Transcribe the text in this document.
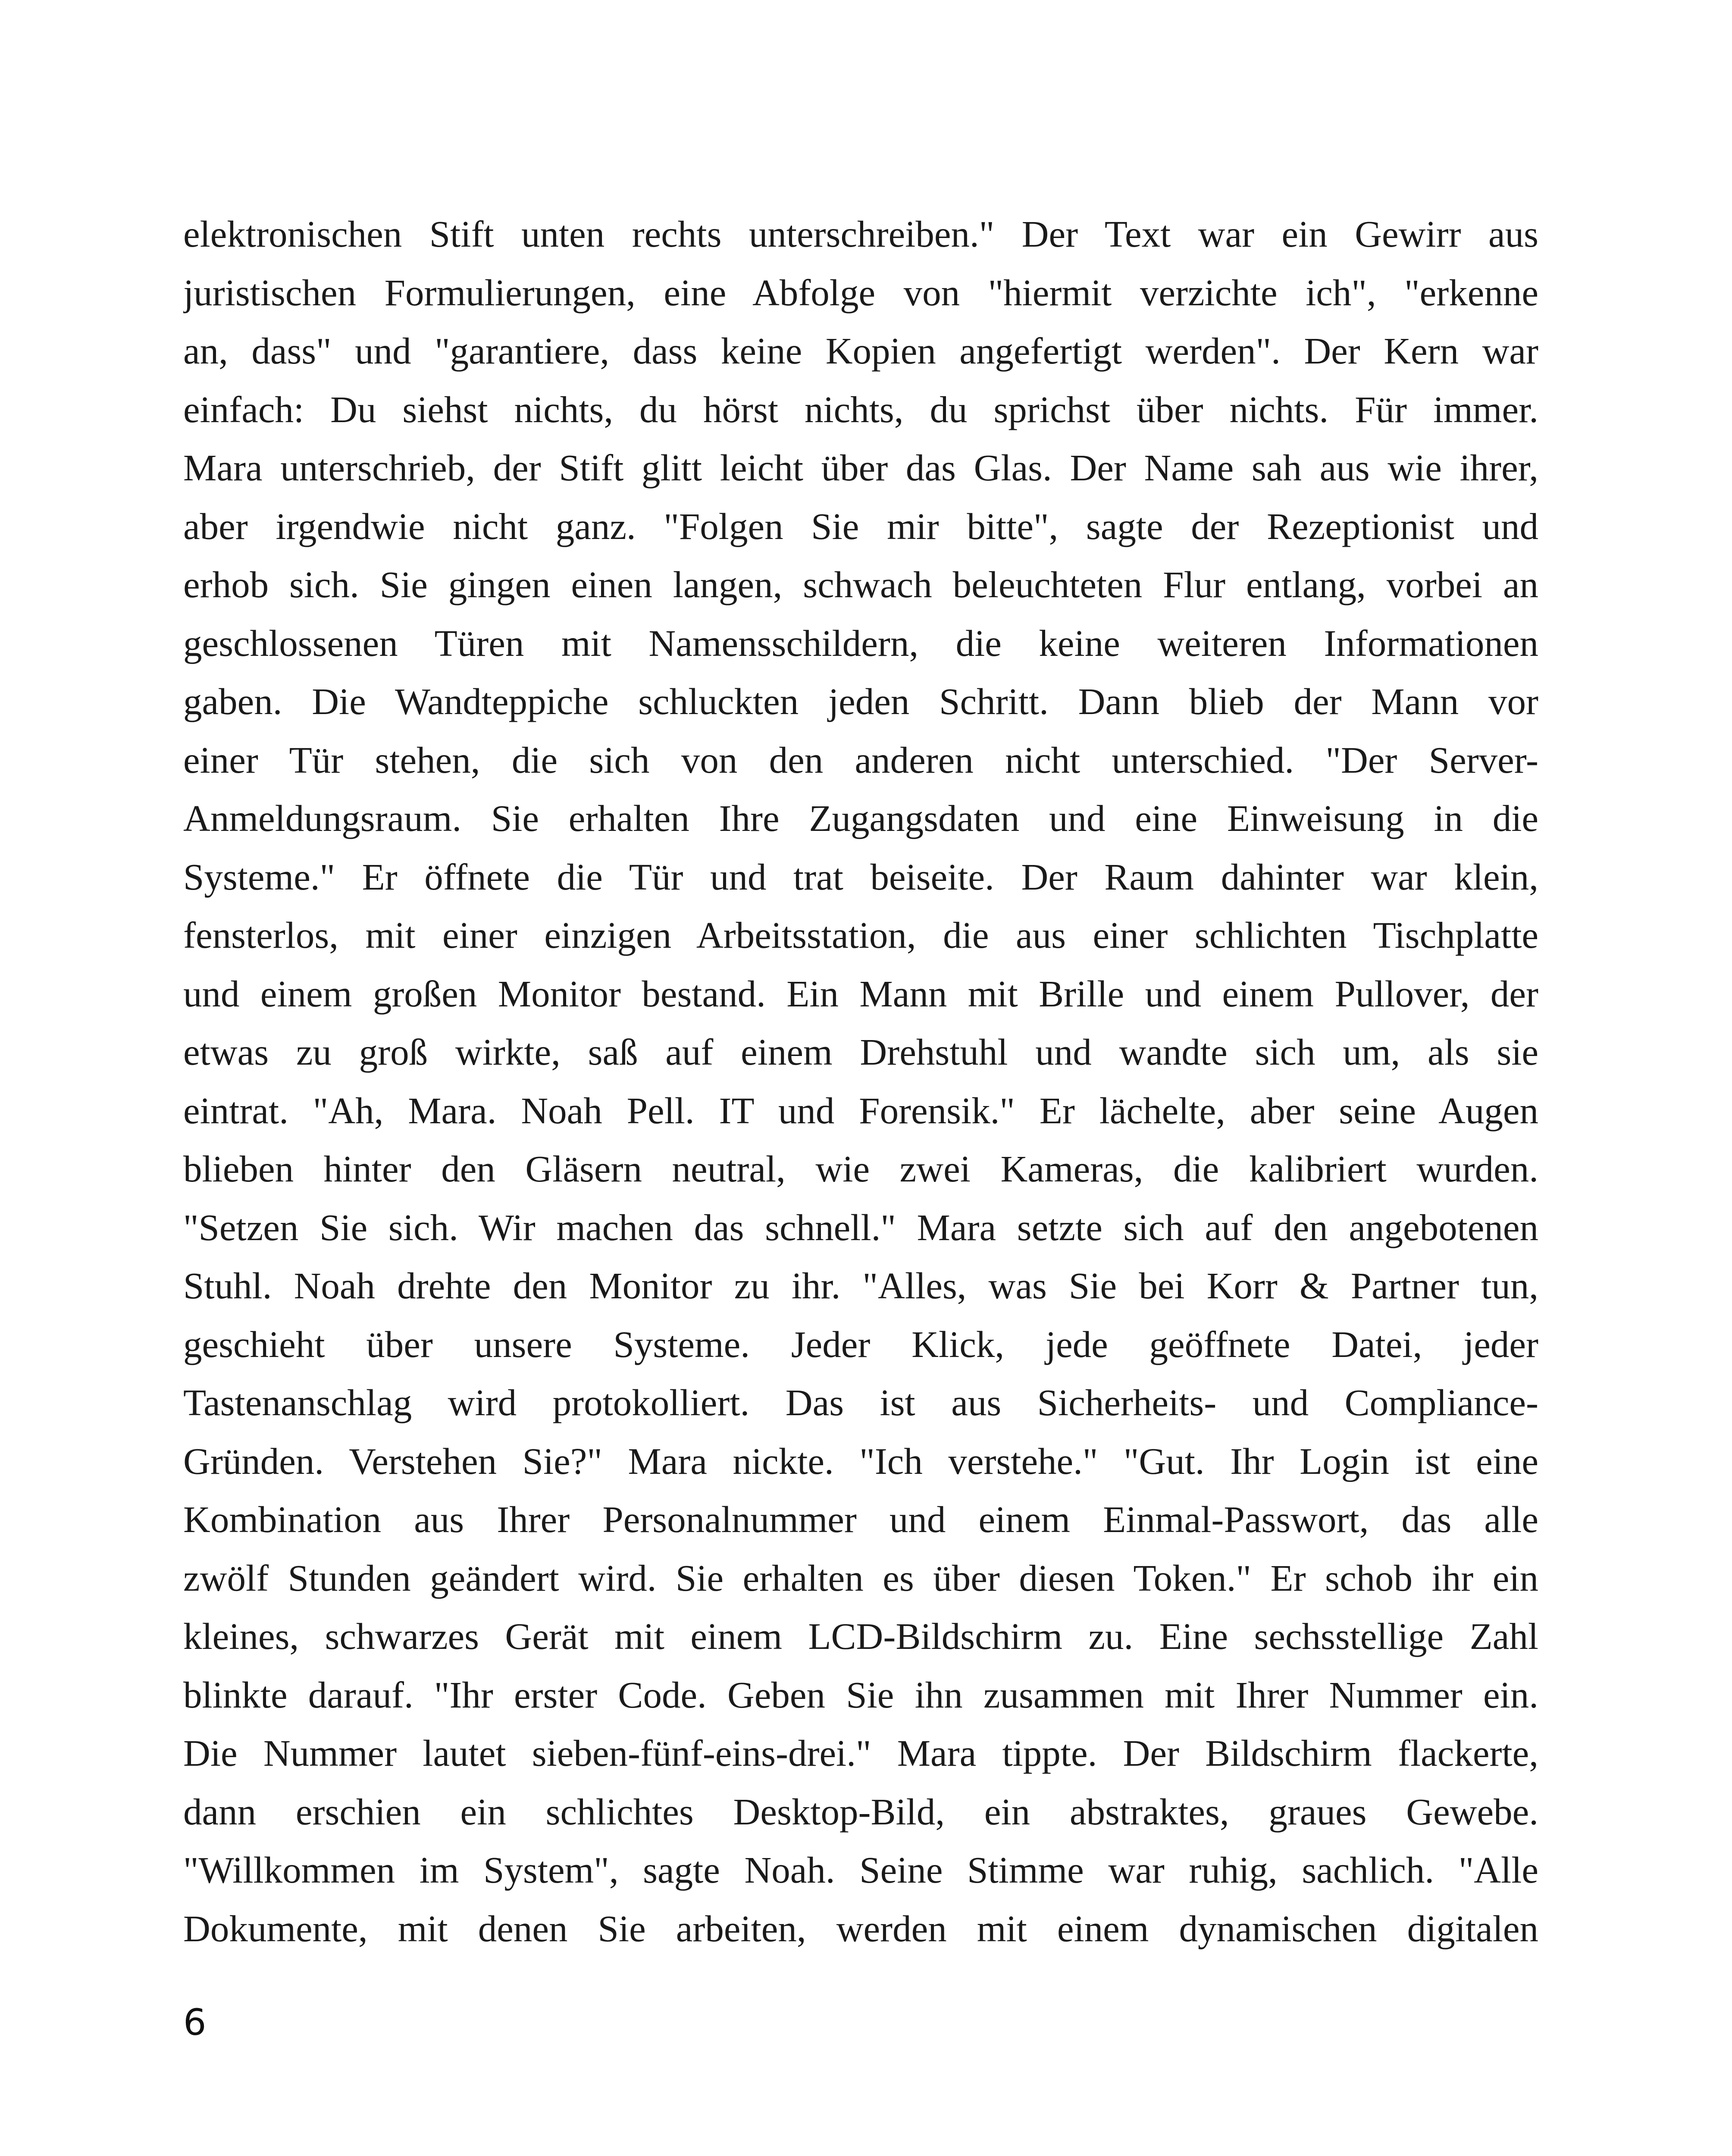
elektronischen Stift unten rechts unterschreiben." Der Text war ein Gewirr aus
juristischen Formulierungen, eine Abfolge von "hiermit verzichte ich", "erkenne
an, dass" und "garantiere, dass keine Kopien angefertigt werden". Der Kern war
einfach: Du siehst nichts, du hörst nichts, du sprichst über nichts. Für immer.
Mara unterschrieb, der Stift glitt leicht über das Glas. Der Name sah aus wie ihrer,
aber irgendwie nicht ganz. "Folgen Sie mir bitte", sagte der Rezeptionist und
erhob sich. Sie gingen einen langen, schwach beleuchteten Flur entlang, vorbei an
geschlossenen Türen mit Namensschildern, die keine weiteren Informationen
gaben. Die Wandteppiche schluckten jeden Schritt. Dann blieb der Mann vor
einer Tür stehen, die sich von den anderen nicht unterschied. "Der Server-
Anmeldungsraum. Sie erhalten Ihre Zugangsdaten und eine Einweisung in die
Systeme." Er öffnete die Tür und trat beiseite. Der Raum dahinter war klein,
fensterlos, mit einer einzigen Arbeitsstation, die aus einer schlichten Tischplatte
und einem großen Monitor bestand. Ein Mann mit Brille und einem Pullover, der
etwas zu groß wirkte, saß auf einem Drehstuhl und wandte sich um, als sie
eintrat. "Ah, Mara. Noah Pell. IT und Forensik." Er lächelte, aber seine Augen
blieben hinter den Gläsern neutral, wie zwei Kameras, die kalibriert wurden.
"Setzen Sie sich. Wir machen das schnell." Mara setzte sich auf den angebotenen
Stuhl. Noah drehte den Monitor zu ihr. "Alles, was Sie bei Korr & Partner tun,
geschieht über unsere Systeme. Jeder Klick, jede geöffnete Datei, jeder
Tastenanschlag wird protokolliert. Das ist aus Sicherheits- und Compliance-
Gründen. Verstehen Sie?" Mara nickte. "Ich verstehe." "Gut. Ihr Login ist eine
Kombination aus Ihrer Personalnummer und einem Einmal-Passwort, das alle
zwölf Stunden geändert wird. Sie erhalten es über diesen Token." Er schob ihr ein
kleines, schwarzes Gerät mit einem LCD-Bildschirm zu. Eine sechsstellige Zahl
blinkte darauf. "Ihr erster Code. Geben Sie ihn zusammen mit Ihrer Nummer ein.
Die Nummer lautet sieben-fünf-eins-drei." Mara tippte. Der Bildschirm flackerte,
dann erschien ein schlichtes Desktop-Bild, ein abstraktes, graues Gewebe.
"Willkommen im System", sagte Noah. Seine Stimme war ruhig, sachlich. "Alle
Dokumente, mit denen Sie arbeiten, werden mit einem dynamischen digitalen
6
